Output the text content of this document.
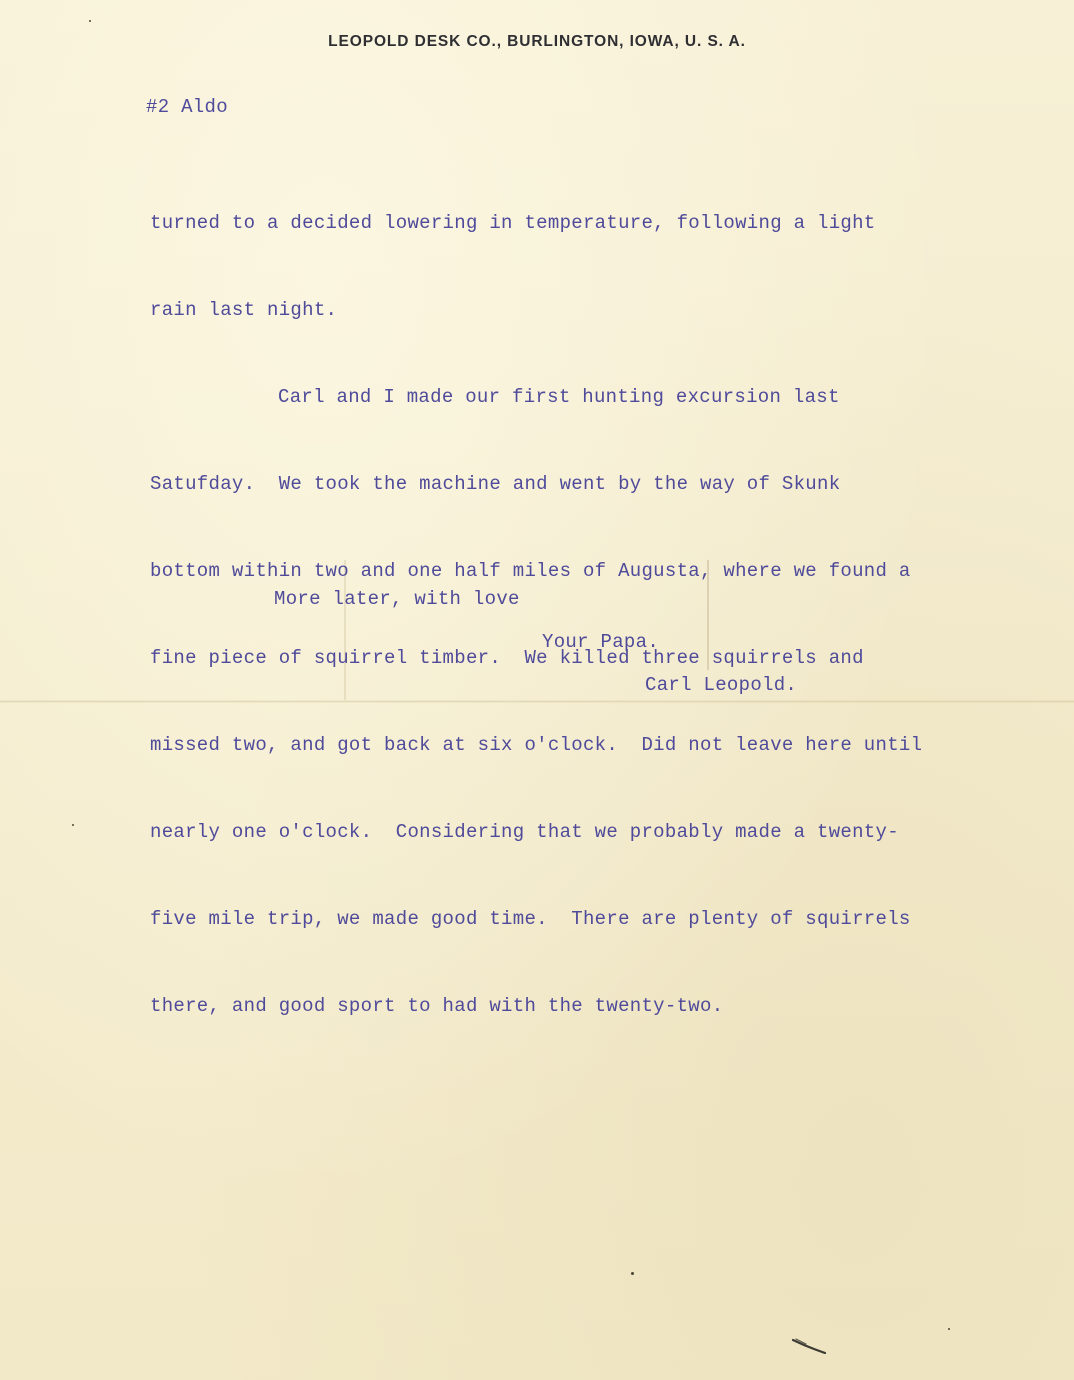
LEOPOLD DESK CO., BURLINGTON, IOWA, U. S. A.
#2 Aldo

turned to a decided lowering in temperature, following a light

rain last night.

Carl and I made our first hunting excursion last

Satufday.  We took the machine and went by the way of Skunk

bottom within two and one half miles of Augusta, where we found a

fine piece of squirrel timber.  We killed three squirrels and

missed two, and got back at six o'clock.  Did not leave here until

nearly one o'clock.  Considering that we probably made a twenty-

five mile trip, we made good time.  There are plenty of squirrels

there, and good sport to had with the twenty-two.

More later, with love
Your Papa.
Carl Leopold.
